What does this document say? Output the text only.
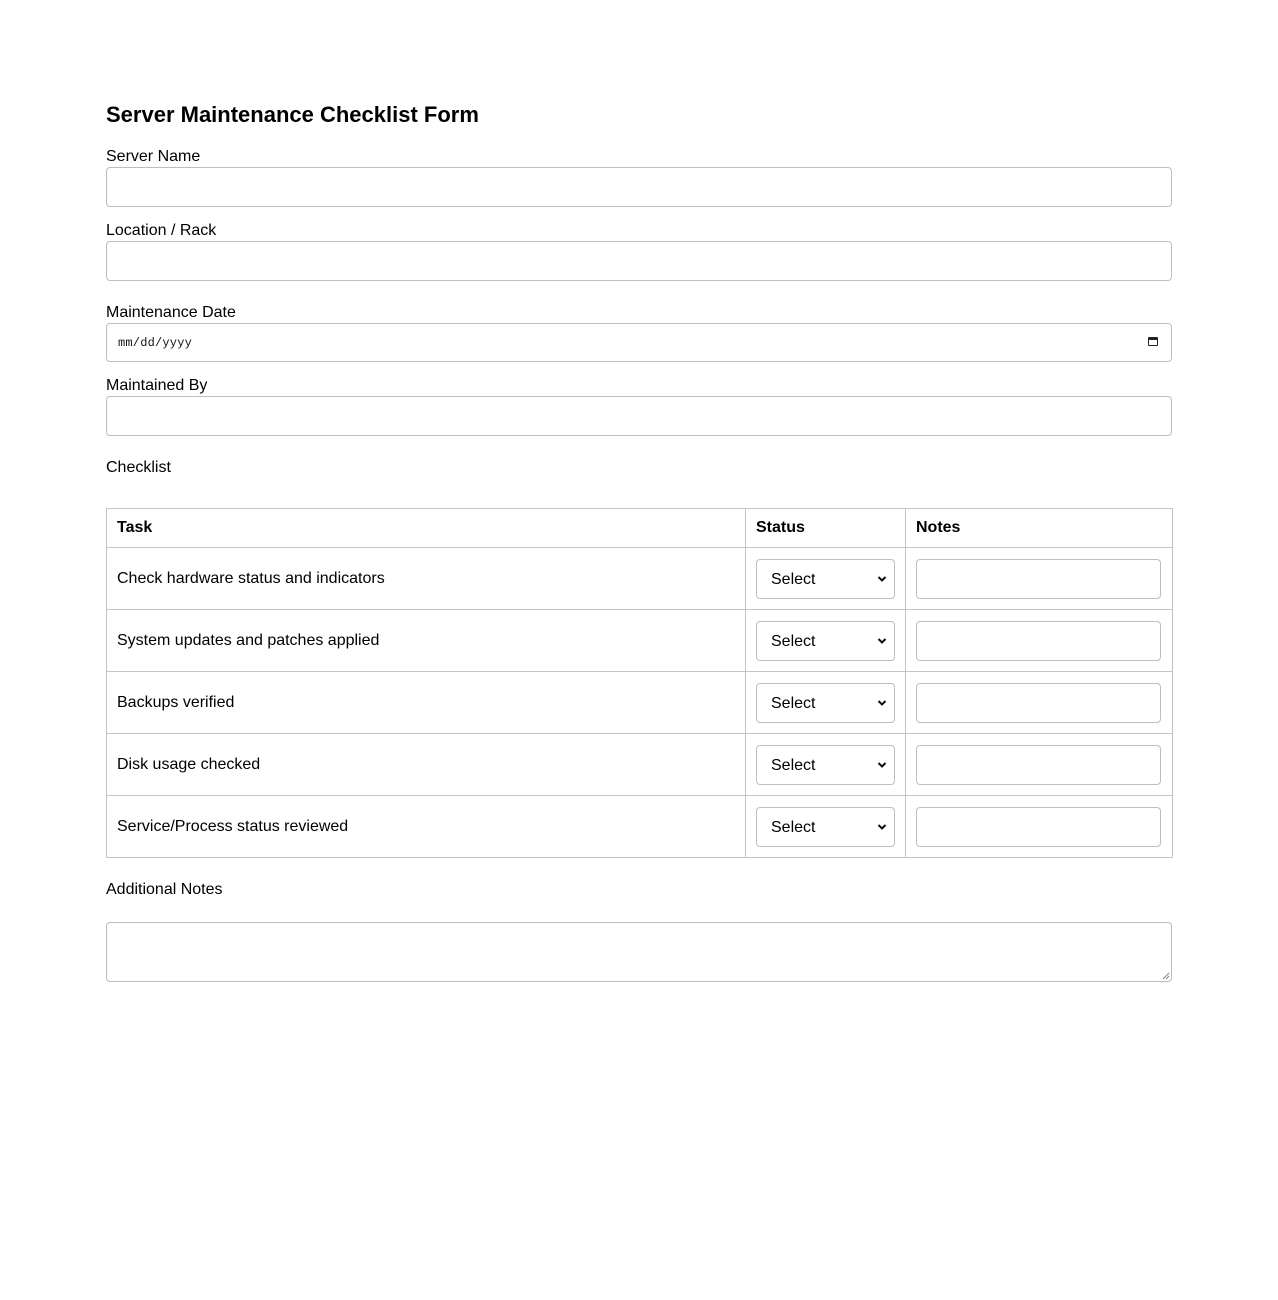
Server Maintenance Checklist Form
Server Name
Location / Rack
Maintenance Date
mm/dd/yyyy
Maintained By
Checklist
Task	Status	Notes
Check hardware status and indicators	Select

System updates and patches applied	Select

Backups verified	Select

Disk usage checked	Select

Service/Process status reviewed	Select

Additional Notes
